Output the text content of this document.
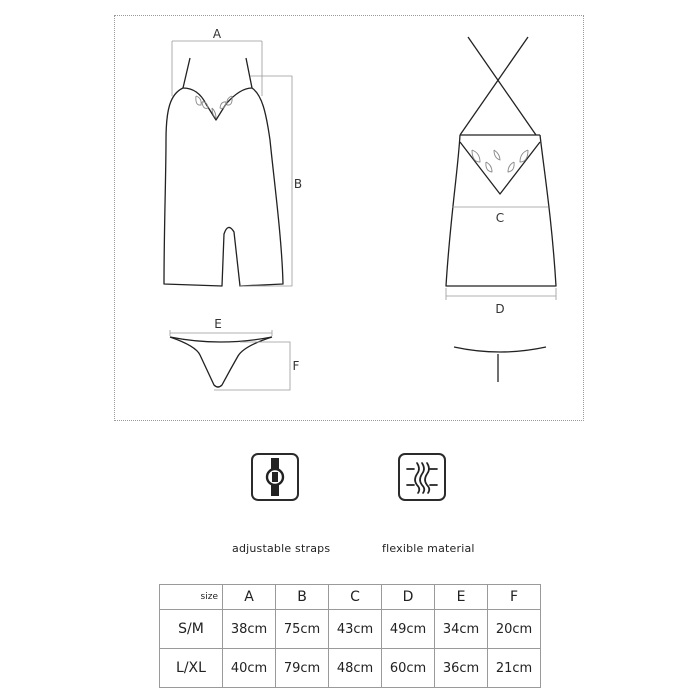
A
B
C
D
E
F
adjustable straps	flexible material
size	A	B	C	D	E	F
S/M	38cm	75cm	43cm	49cm	34cm	20cm
L/XL	40cm	79cm	48cm	60cm	36cm	21cm
